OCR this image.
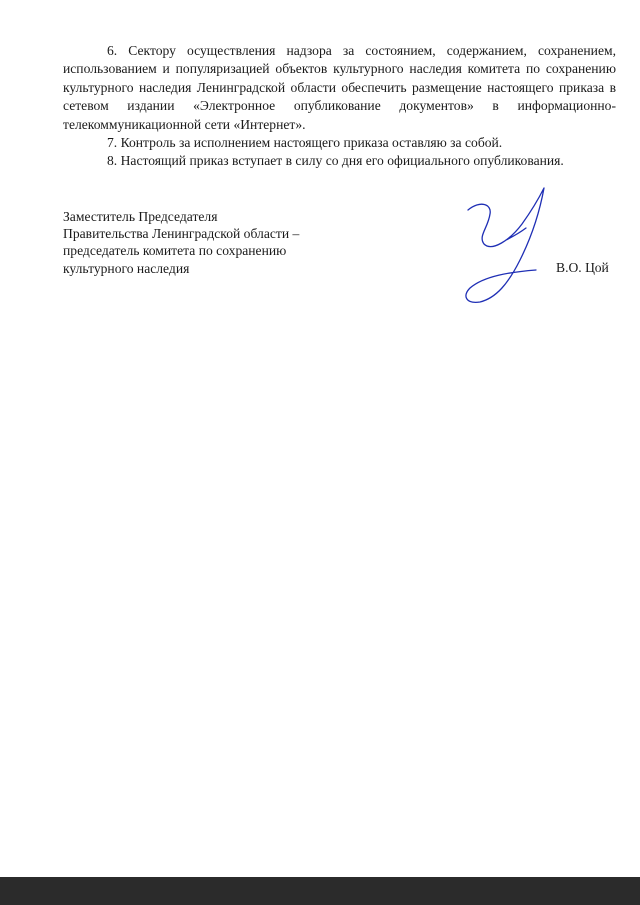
6. Сектору осуществления надзора за состоянием, содержанием, сохранением, использованием и популяризацией объектов культурного наследия комитета по сохранению культурного наследия Ленинградской области обеспечить размещение настоящего приказа в сетевом издании «Электронное опубликование документов» в информационно-телекоммуникационной сети «Интернет».

7. Контроль за исполнением настоящего приказа оставляю за собой.

8. Настоящий приказ вступает в силу со дня его официального опубликования.

Заместитель Председателя
Правительства Ленинградской области –
председатель комитета по сохранению
культурного наследия	В.О. Цой
